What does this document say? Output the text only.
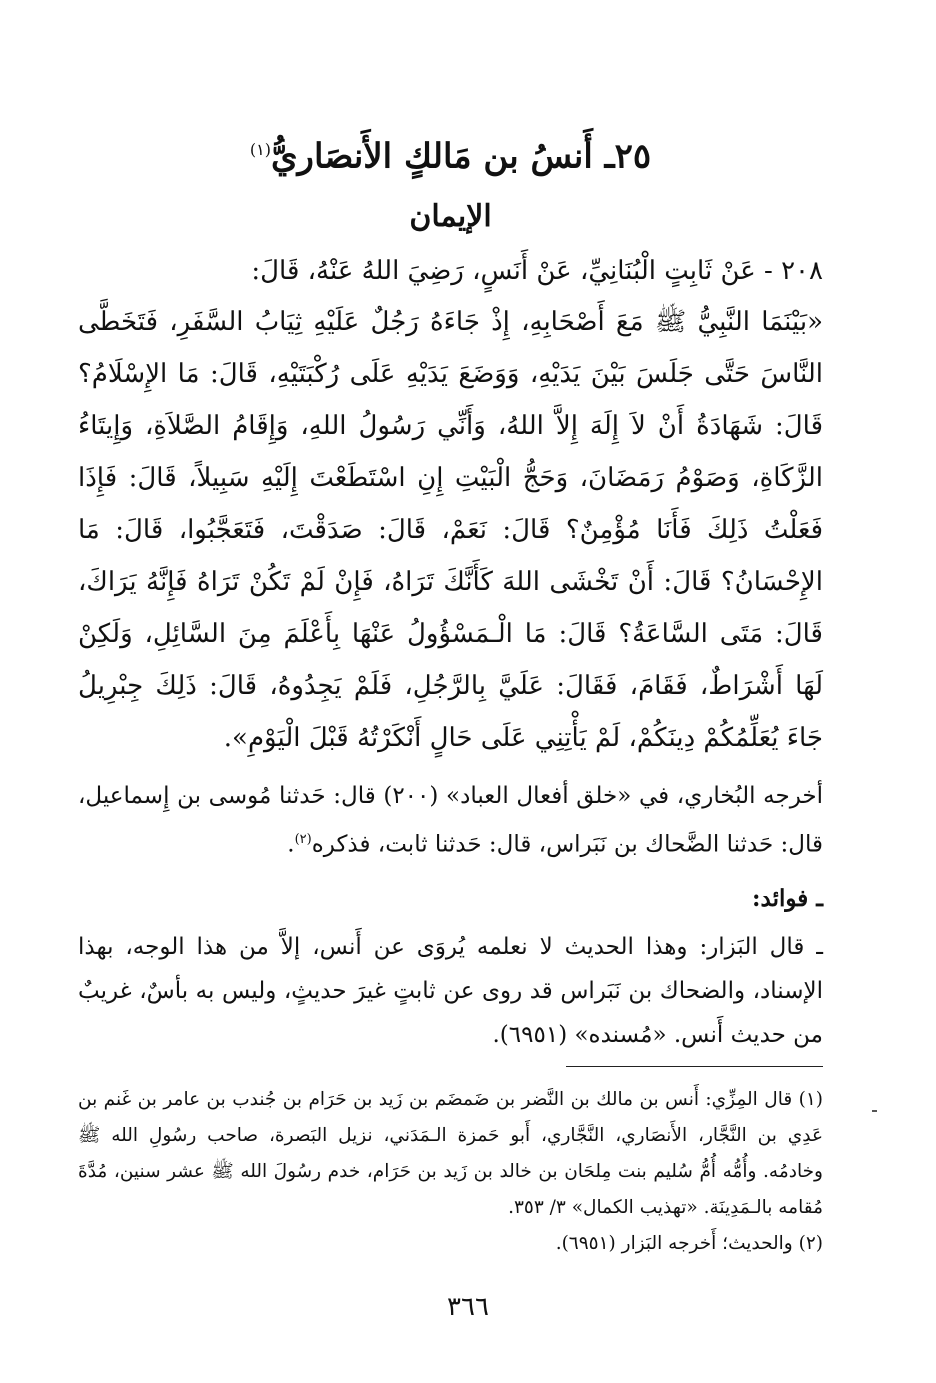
٢٥ـ أَنسُ بن مَالكٍ الأَنصَاريُّ$^{(١)}$
الإيمان

٢٠٨ - عَنْ ثَابِتٍ الْبُنَانِيِّ، عَنْ أَنَسٍ، رَضِيَ اللهُ عَنْهُ، قَالَ:

«بَيْنَمَا النَّبِيُّ ﷺ مَعَ أَصْحَابِهِ، إِذْ جَاءَهُ رَجُلٌ عَلَيْهِ ثِيَابُ السَّفَرِ، فَتَخَطَّى النَّاسَ حَتَّى جَلَسَ بَيْنَ يَدَيْهِ، وَوَضَعَ يَدَيْهِ عَلَى رُكْبَتَيْهِ، قَالَ: مَا الإِسْلَامُ؟ قَالَ: شَهَادَةُ أَنْ لاَ إِلَهَ إِلاَّ اللهُ، وَأَنِّي رَسُولُ اللهِ، وَإِقَامُ الصَّلاَةِ، وَإِيتَاءُ الزَّكَاةِ، وَصَوْمُ رَمَضَانَ، وَحَجُّ الْبَيْتِ إِنِ اسْتَطَعْتَ إِلَيْهِ سَبِيلاً، قَالَ: فَإِذَا فَعَلْتُ ذَلِكَ فَأَنَا مُؤْمِنٌ؟ قَالَ: نَعَمْ، قَالَ: صَدَقْتَ، فَتَعَجَّبُوا، قَالَ: مَا الإِحْسَانُ؟ قَالَ: أَنْ تَخْشَى اللهَ كَأَنَّكَ تَرَاهُ، فَإِنْ لَمْ تَكُنْ تَرَاهُ فَإِنَّهُ يَرَاكَ، قَالَ: مَتَى السَّاعَةُ؟ قَالَ: مَا الْـمَسْؤُولُ عَنْهَا بِأَعْلَمَ مِنَ السَّائِلِ، وَلَكِنْ لَهَا أَشْرَاطٌ، فَقَامَ، فَقَالَ: عَلَيَّ بِالرَّجُلِ، فَلَمْ يَجِدُوهُ، قَالَ: ذَلِكَ جِبْرِيلُ جَاءَ يُعَلِّمُكُمْ دِينَكُمْ، لَمْ يَأْتِنِي عَلَى حَالٍ أَنْكَرْتُهُ قَبْلَ الْيَوْمِ».

أخرجه البُخاري، في «خلق أفعال العباد» (٢٠٠) قال: حَدثنا مُوسى بن إِسماعيل، قال: حَدثنا الضَّحاك بن نَبَراس، قال: حَدثنا ثابت، فذكره$^{(٢)}$.

ـ فوائد:

ـ قال البَزار: وهذا الحديث لا نعلمه يُروَى عن أَنس، إلاَّ من هذا الوجه، بهذا الإسناد، والضحاك بن نَبَراس قد روى عن ثابتٍ غيرَ حديثٍ، وليس به بأسٌ، غريبٌ من حديث أَنس. «مُسنده» (٦٩٥١).

(١) قال المِزِّي: أَنس بن مالك بن النَّضر بن ضَمضَم بن زَيد بن حَرَام بن جُندب بن عامر بن غَنم بن عَدِي بن النَّجَّار، الأَنصَاري، النَّجَّاري، أَبو حَمزة الـمَدَني، نزيل البَصرة، صاحب رسُولِ الله ﷺ وخادمُه. وأُمُّه أُمُّ سُليم بنت مِلحَان بن خالد بن زَيد بن حَرَام، خدم رسُولَ الله ﷺ عشر سنين، مُدَّةَ مُقامه بالـمَدِينَة. «تهذيب الكمال» ٣/ ٣٥٣.

(٢) والحديث؛ أَخرجه البَزار (٦٩٥١).

٣٦٦
